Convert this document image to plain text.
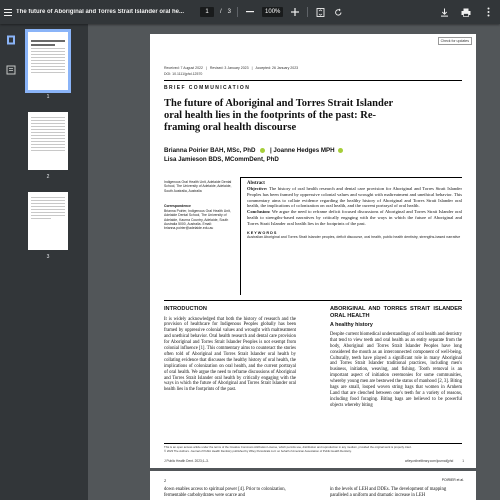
The future of Aboriginal and Torres Strait Islander oral he...	1	/ 3	100%
1
2
3
Check for updates
Received: 7 August 2022 | Revised: 3 January 2023 | Accepted: 26 January 2023
DOI: 10.1111/jphd.12570
BRIEF COMMUNICATION
The future of Aboriginal and Torres Strait Islander oral health lies in the footprints of the past: Re-framing oral health discourse
Brianna Poirier BAH, MSc, PhD | Joanne Hedges MPH
Lisa Jamieson BDS, MCommDent, PhD
Indigenous Oral Health Unit, Adelaide Dental School, The University of Adelaide, Adelaide, South Australia, Australia
Correspondence
Brianna Poirier, Indigenous Oral Health Unit, Adelaide Dental School, The University of Adelaide, Kaurna Country, Adelaide, South Australia 5000, Australia. Email: brianna.poirier@adelaide.edu.au
Abstract

Objective: The history of oral health research and dental care provision for Aboriginal and Torres Strait Islander Peoples has been framed by oppressive colonial values and wrought with maltreatment and unethical behavior. This commentary aims to collate evidence regarding the healthy history of Aboriginal and Torres Strait Islander oral health, the implications of colonization on oral health, and the current portrayal of oral health.

Conclusion: We argue the need to reframe deficit focused discussions of Aboriginal and Torres Strait Islander oral health to strengths-based narratives by critically engaging with the ways in which the future of Aboriginal and Torres Strait Islander oral health lies in the footprints of the past.

KEYWORDS
Australian Aboriginal and Torres Strait Islander peoples, deficit discourse, oral health, public health dentistry, strengths-based narrative
INTRODUCTION

It is widely acknowledged that both the history of research and the provision of healthcare for Indigenous Peoples globally has been framed by oppressive colonial values and wrought with maltreatment and unethical behavior. Oral health research and dental care provision for Aboriginal and Torres Strait Islander Peoples is not exempt from colonial influence [1]. This commentary aims to counteract the stories often told of Aboriginal and Torres Strait Islander oral health by collating evidence that discusses the healthy history of oral health, the implications of colonization on oral health, and the current portrayal of oral health. We argue the need to reframe discussions of Aboriginal and Torres Strait Islander oral health by critically engaging with the ways in which the future of Aboriginal and Torres Strait Islander oral health lies in the footprints of the past.

ABORIGINAL AND TORRES STRAIT ISLANDER ORAL HEALTH
A healthy history

Despite current biomedical understandings of oral health and dentistry that tend to view teeth and oral health as an entity separate from the body, Aboriginal and Torres Strait Islander Peoples have long considered the mouth as an interconnected component of well-being. Culturally, teeth have played a significant role in many Aboriginal and Torres Strait Islander traditional practices, including men's business, initiation, weaving, and fishing. Tooth removal is an important aspect of initiation ceremonies for some communities, whereby young men are bestowed the status of manhood [2, 3]. Biting bags are small, looped woven string bags that women in Arnhem Land that are clenched between one's teeth for a variety of reasons, including food foraging. Biting bags are believed to be powerful objects whereby biting

This is an open access article under the terms of the Creative Commons Attribution License, which permits use, distribution and reproduction in any medium, provided the original work is properly cited.
© 2023 The Authors. Journal of Public Health Dentistry published by Wiley Periodicals LLC on behalf of American Association of Public Health Dentistry.
J Public Health Dent. 2023;1–3.	wileyonlinelibrary.com/journal/jphd	1
2	POIRIER et al.
down enables access to spiritual power [4]. Prior to colonization, fermentable carbohydrates were scarce and
in the levels of LEH and DDEs. The development of mapping paralleled a uniform and dramatic increase in LEH
